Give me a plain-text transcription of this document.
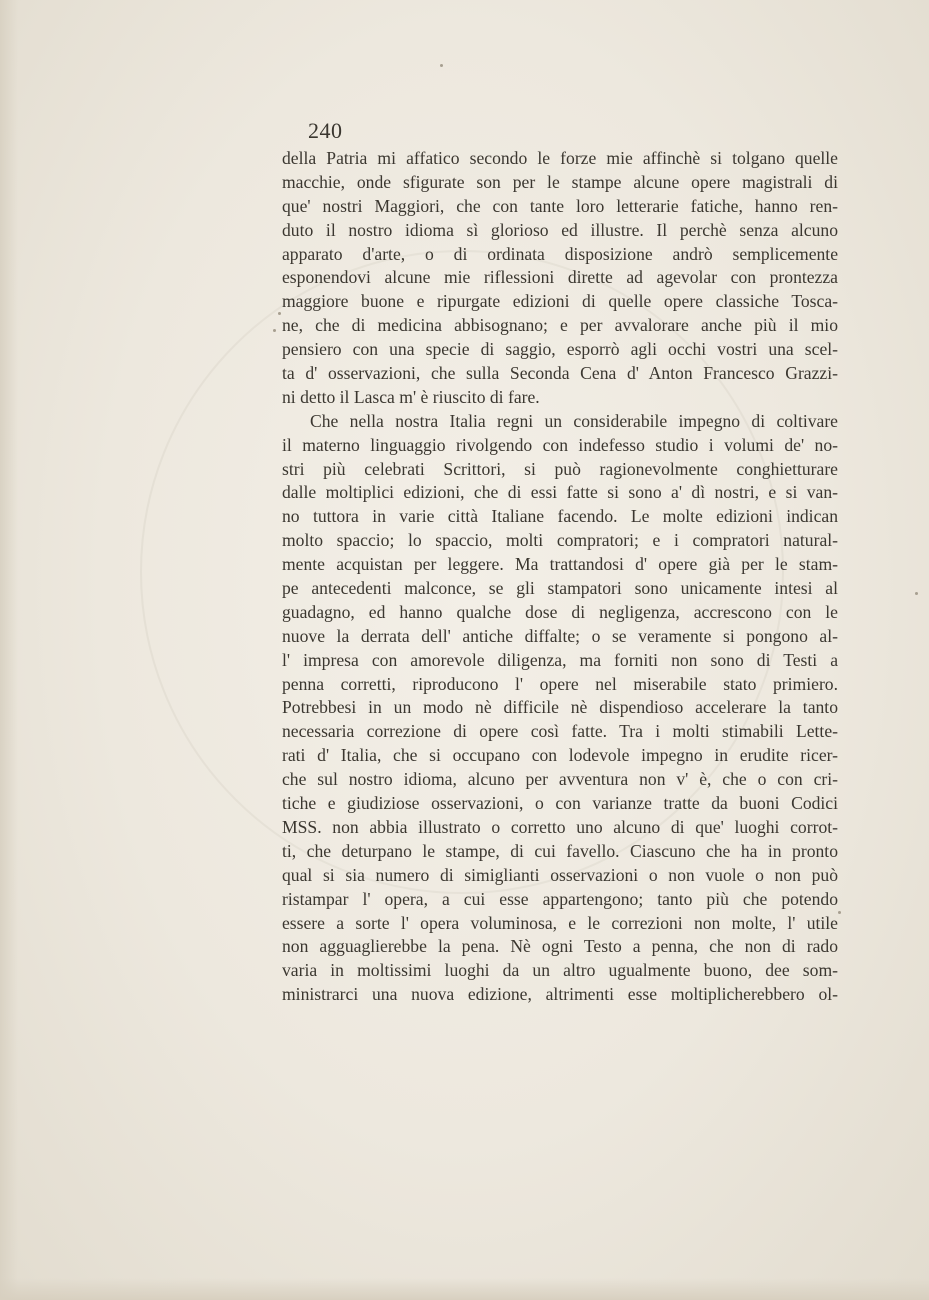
240
della Patria mi affatico secondo le forze mie affinchè si tolgano quelle
macchie, onde sfigurate son per le stampe alcune opere magistrali di
que' nostri Maggiori, che con tante loro letterarie fatiche, hanno ren-
duto il nostro idioma sì glorioso ed illustre. Il perchè senza alcuno
apparato d'arte, o di ordinata disposizione andrò semplicemente
esponendovi alcune mie riflessioni dirette ad agevolar con prontezza
maggiore buone e ripurgate edizioni di quelle opere classiche Tosca-
ne, che di medicina abbisognano; e per avvalorare anche più il mio
pensiero con una specie di saggio, esporrò agli occhi vostri una scel-
ta d' osservazioni, che sulla Seconda Cena d' Anton Francesco Grazzi-
ni detto il Lasca m' è riuscito di fare.
Che nella nostra Italia regni un considerabile impegno di coltivare
il materno linguaggio rivolgendo con indefesso studio i volumi de' no-
stri più celebrati Scrittori, si può ragionevolmente conghietturare
dalle moltiplici edizioni, che di essi fatte si sono a' dì nostri, e si van-
no tuttora in varie città Italiane facendo. Le molte edizioni indican
molto spaccio; lo spaccio, molti compratori; e i compratori natural-
mente acquistan per leggere. Ma trattandosi d' opere già per le stam-
pe antecedenti malconce, se gli stampatori sono unicamente intesi al
guadagno, ed hanno qualche dose di negligenza, accrescono con le
nuove la derrata dell' antiche diffalte; o se veramente si pongono al-
l' impresa con amorevole diligenza, ma forniti non sono di Testi a
penna corretti, riproducono l' opere nel miserabile stato primiero.
Potrebbesi in un modo nè difficile nè dispendioso accelerare la tanto
necessaria correzione di opere così fatte. Tra i molti stimabili Lette-
rati d' Italia, che si occupano con lodevole impegno in erudite ricer-
che sul nostro idioma, alcuno per avventura non v' è, che o con cri-
tiche e giudiziose osservazioni, o con varianze tratte da buoni Codici
MSS. non abbia illustrato o corretto uno alcuno di que' luoghi corrot-
ti, che deturpano le stampe, di cui favello. Ciascuno che ha in pronto
qual si sia numero di simiglianti osservazioni o non vuole o non può
ristampar l' opera, a cui esse appartengono; tanto più che potendo
essere a sorte l' opera voluminosa, e le correzioni non molte, l' utile
non agguaglierebbe la pena. Nè ogni Testo a penna, che non di rado
varia in moltissimi luoghi da un altro ugualmente buono, dee som-
ministrarci una nuova edizione, altrimenti esse moltiplicherebbero ol-
